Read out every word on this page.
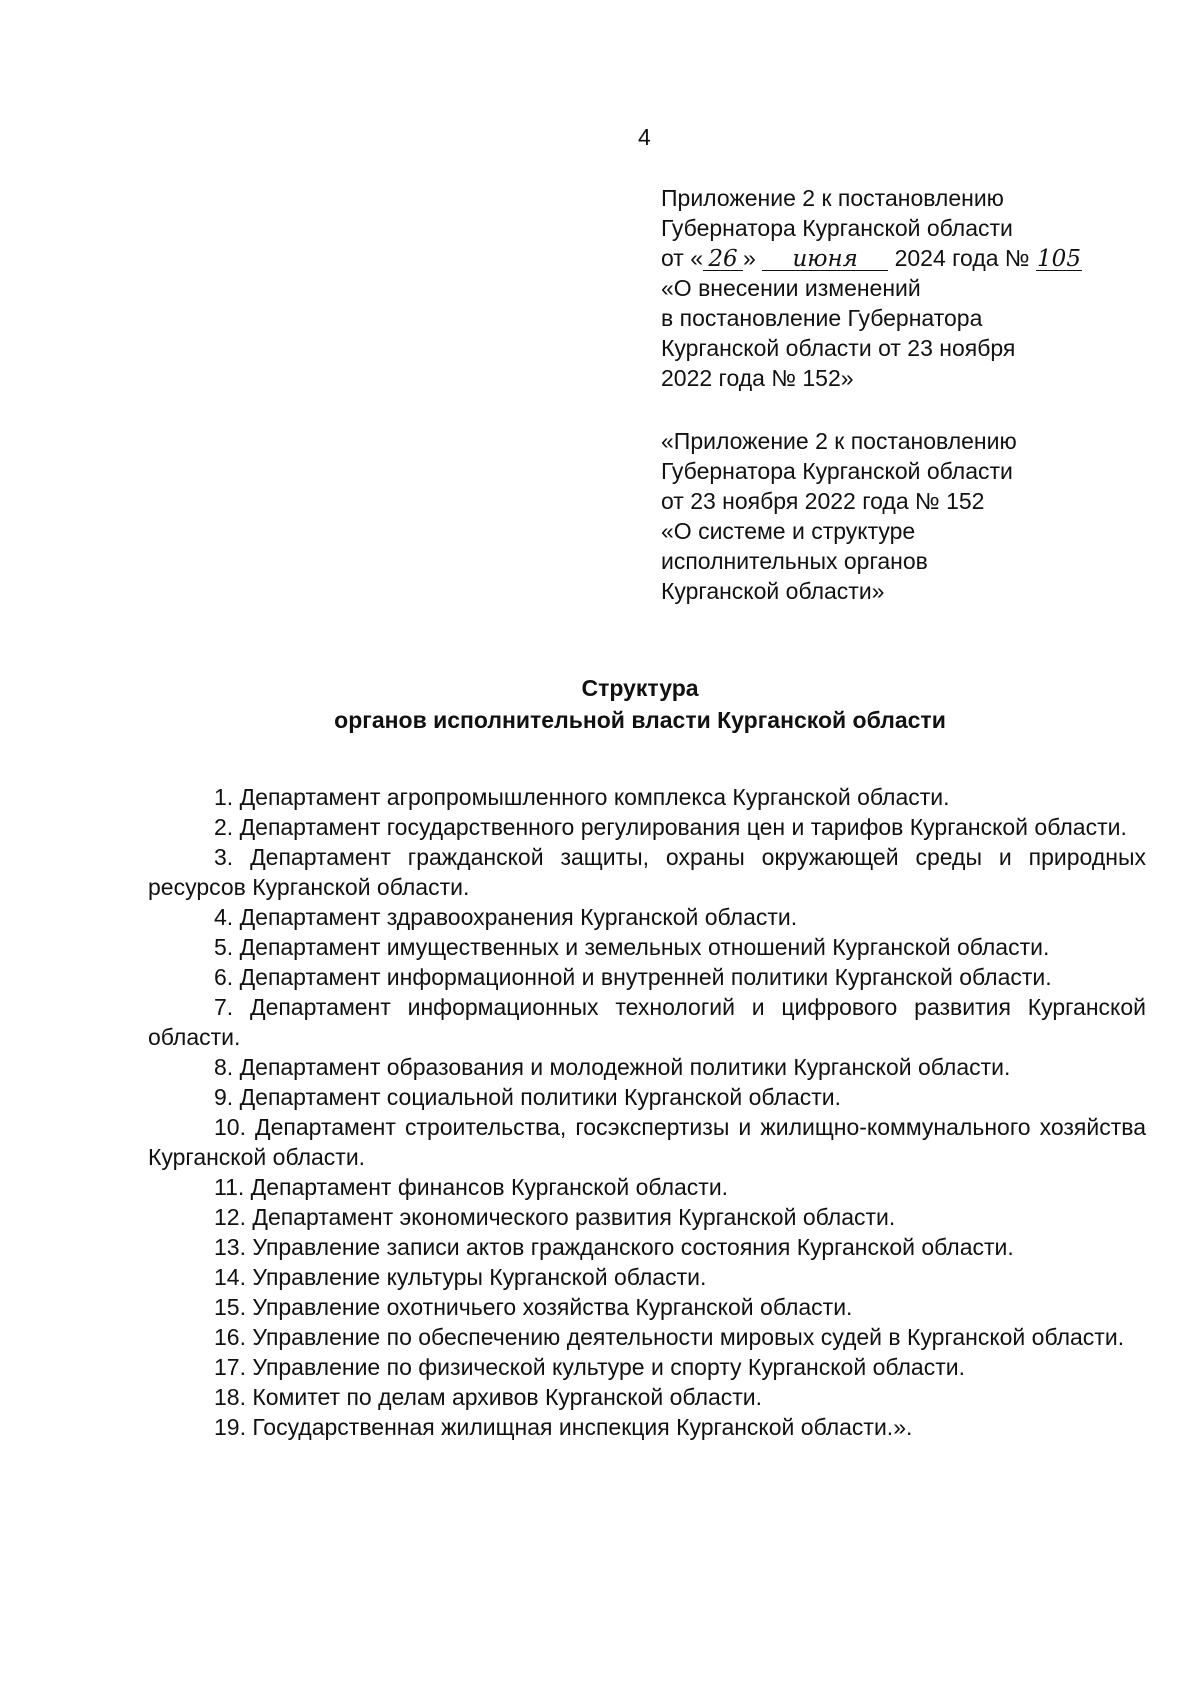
4
Приложение 2 к постановлению
Губернатора Курганской области
от « 26 » июня 2024 года № 105
«О внесении изменений
в постановление Губернатора
Курганской области от 23 ноября
2022 года № 152»
«Приложение 2 к постановлению
Губернатора Курганской области
от 23 ноября 2022 года № 152
«О системе и структуре
исполнительных органов
Курганской области»
Структура
органов исполнительной власти Курганской области

1. Департамент агропромышленного комплекса Курганской области.

2. Департамент государственного регулирования цен и тарифов Курганской области.

3. Департамент гражданской защиты, охраны окружающей среды и природных ресурсов Курганской области.

4. Департамент здравоохранения Курганской области.

5. Департамент имущественных и земельных отношений Курганской области.

6. Департамент информационной и внутренней политики Курганской области.

7. Департамент информационных технологий и цифрового развития Курганской области.

8. Департамент образования и молодежной политики Курганской области.

9. Департамент социальной политики Курганской области.

10. Департамент строительства, госэкспертизы и жилищно-коммунального хозяйства Курганской области.

11. Департамент финансов Курганской области.

12. Департамент экономического развития Курганской области.

13. Управление записи актов гражданского состояния Курганской области.

14. Управление культуры Курганской области.

15. Управление охотничьего хозяйства Курганской области.

16. Управление по обеспечению деятельности мировых судей в Курганской области.

17. Управление по физической культуре и спорту Курганской области.

18. Комитет по делам архивов Курганской области.

19. Государственная жилищная инспекция Курганской области.».
